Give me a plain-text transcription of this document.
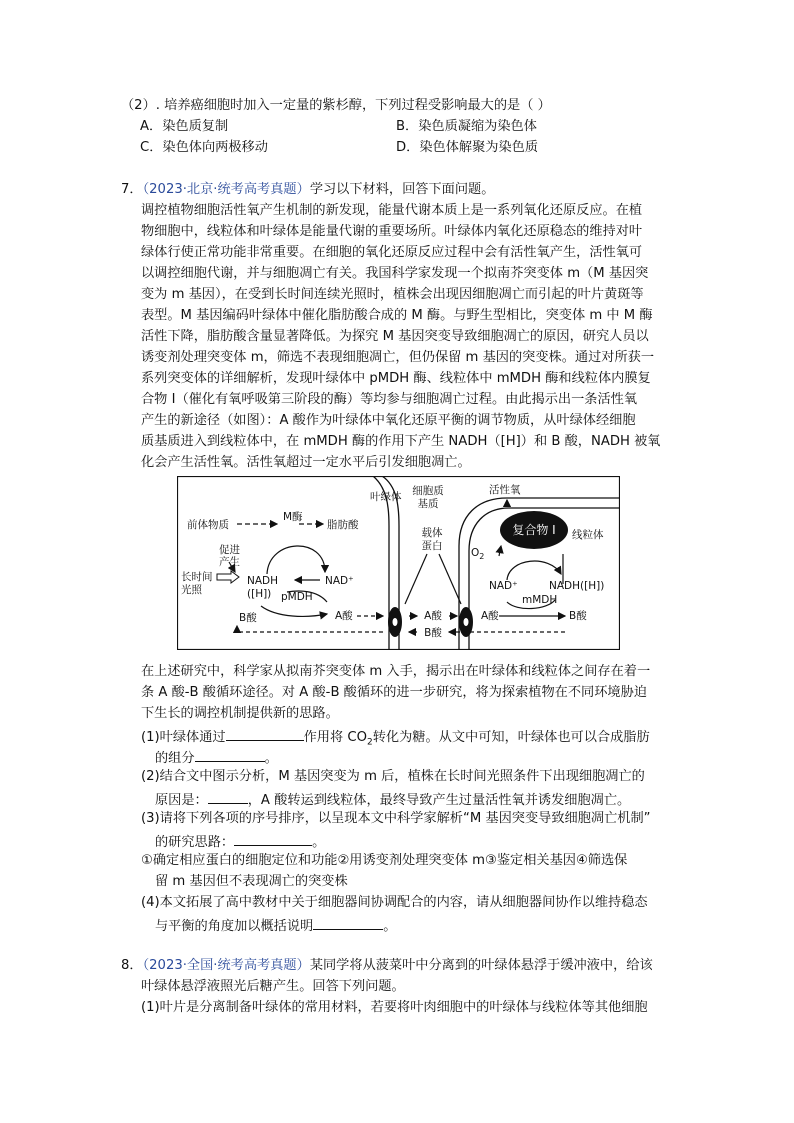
（2）. 培养癌细胞时加入一定量的紫杉醇，下列过程受影响最大的是（ ）
A．染色质复制	B．染色质凝缩为染色体
C．染色体向两极移动	D．染色体解聚为染色质
7．（2023·北京·统考高考真题）学习以下材料，回答下面问题。
调控植物细胞活性氧产生机制的新发现，能量代谢本质上是一系列氧化还原反应。在植
物细胞中，线粒体和叶绿体是能量代谢的重要场所。叶绿体内氧化还原稳态的维持对叶
绿体行使正常功能非常重要。在细胞的氧化还原反应过程中会有活性氧产生，活性氧可
以调控细胞代谢，并与细胞凋亡有关。我国科学家发现一个拟南芥突变体 m（M 基因突
变为 m 基因），在受到长时间连续光照时，植株会出现因细胞凋亡而引起的叶片黄斑等
表型。M 基因编码叶绿体中催化脂肪酸合成的 M 酶。与野生型相比，突变体 m 中 M 酶
活性下降，脂肪酸含量显著降低。为探究 M 基因突变导致细胞凋亡的原因，研究人员以
诱变剂处理突变体 m，筛选不表现细胞凋亡，但仍保留 m 基因的突变株。通过对所获一
系列突变体的详细解析，发现叶绿体中 pMDH 酶、线粒体中 mMDH 酶和线粒体内膜复
合物 I（催化有氧呼吸第三阶段的酶）等均参与细胞凋亡过程。由此揭示出一条活性氧
产生的新途径（如图）：A 酸作为叶绿体中氧化还原平衡的调节物质，从叶绿体经细胞
质基质进入到线粒体中，在 mMDH 酶的作用下产生 NADH（[H]）和 B 酸，NADH 被氧
化会产生活性氧。活性氧超过一定水平后引发细胞凋亡。
复合物 I
叶绿体 细胞质
基质
活性氧
线粒体
$O_2$
前体物质
M酶
脂肪酸
促进
产生
长时间
光照
NADH
([H])
NAD⁺
pMDH
B酸	A酸
载体
蛋白
A酸
B酸
NAD⁺	NADH([H])
mMDH
A酸	B酸
在上述研究中，科学家从拟南芥突变体 m 入手，揭示出在叶绿体和线粒体之间存在着一
条 A 酸-B 酸循环途径。对 A 酸-B 酸循环的进一步研究，将为探索植物在不同环境胁迫
下生长的调控机制提供新的思路。
(1)叶绿体通过	作用将 $CO_2$转化为糖。从文中可知，叶绿体也可以合成脂肪
的组分	。
(2)结合文中图示分析，M 基因突变为 m 后，植株在长时间光照条件下出现细胞凋亡的
原因是：	，A 酸转运到线粒体，最终导致产生过量活性氧并诱发细胞凋亡。
(3)请将下列各项的序号排序，以呈现本文中科学家解析“M 基因突变导致细胞凋亡机制”
的研究思路：	。
①确定相应蛋白的细胞定位和功能②用诱变剂处理突变体 m③鉴定相关基因④筛选保
留 m 基因但不表现凋亡的突变株
(4)本文拓展了高中教材中关于细胞器间协调配合的内容，请从细胞器间协作以维持稳态
与平衡的角度加以概括说明	。
8．（2023·全国·统考高考真题）某同学将从菠菜叶中分离到的叶绿体悬浮于缓冲液中，给该
叶绿体悬浮液照光后糖产生。回答下列问题。
(1)叶片是分离制备叶绿体的常用材料，若要将叶肉细胞中的叶绿体与线粒体等其他细胞
